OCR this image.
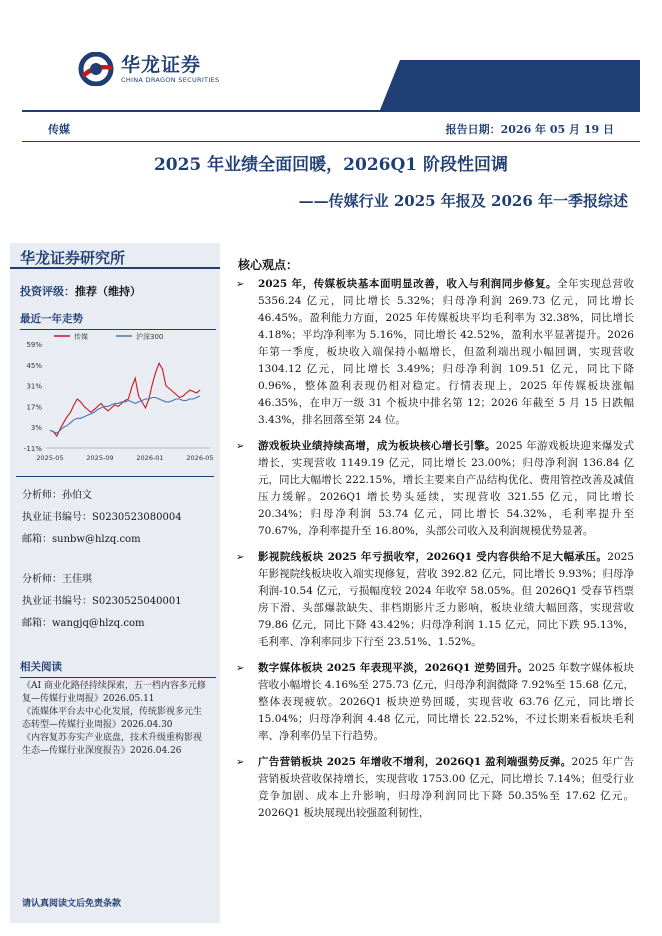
华龙证券
CHINA DRAGON SECURITIES
证券研究报告
传媒	报告日期：2026 年 05 月 19 日
2025 年业绩全面回暖，2026Q1 阶段性回调
——传媒行业 2025 年报及 2026 年一季报综述
华龙证券研究所
投资评级：推荐（维持）
最近一年走势
59%
45%
31%
17%
3%
-11%
2025-05	2025-09	2026-01	2026-05
传媒	沪深300
分析师：孙伯文
执业证书编号：S0230523080004
邮箱：sunbw@hlzq.com
分析师：王佳琪
执业证书编号：S0230525040001
邮箱：wangjq@hlzq.com
相关阅读

《AI 商业化路径持续探索，五一档内容多元修复—传媒行业周报》2026.05.11

《流媒体平台去中心化发展，传统影视多元生态转型—传媒行业周报》2026.04.30

《内容复苏夯实产业底盘，技术升级重构影视生态—传媒行业深度报告》2026.04.26

请认真阅读文后免责条款
核心观点：
➢ 2025 年，传媒板块基本面明显改善，收入与利润同步修复。全年实现总营收 5356.24 亿元，同比增长 5.32%；归母净利润 269.73 亿元，同比增长 46.45%。盈利能力方面，2025 年传媒板块平均毛利率为 32.38%，同比增长 4.18%；平均净利率为 5.16%，同比增长 42.52%，盈利水平显著提升。2026 年第一季度，板块收入端保持小幅增长，但盈利端出现小幅回调，实现营收 1304.12 亿元，同比增长 3.49%；归母净利润 109.51 亿元，同比下降 0.96%，整体盈利表现仍相对稳定。行情表现上，2025 年传媒板块涨幅 46.35%，在申万一级 31 个板块中排名第 12；2026 年截至 5 月 15 日跌幅 3.43%，排名回落至第 24 位。
➢ 游戏板块业绩持续高增，成为板块核心增长引擎。2025 年游戏板块迎来爆发式增长，实现营收 1149.19 亿元，同比增长 23.00%；归母净利润 136.84 亿元，同比大幅增长 222.15%，增长主要来自产品结构优化、费用管控改善及减值压力缓解。2026Q1 增长势头延续，实现营收 321.55 亿元，同比增长 20.34%；归母净利润 53.74 亿元，同比增长 54.32%，毛利率提升至 70.67%，净利率提升至 16.80%，头部公司收入及利润规模优势显著。
➢ 影视院线板块 2025 年亏损收窄，2026Q1 受内容供给不足大幅承压。2025 年影视院线板块收入端实现修复，营收 392.82 亿元，同比增长 9.93%；归母净利润-10.54 亿元，亏损幅度较 2024 年收窄 58.05%。但 2026Q1 受春节档票房下滑、头部爆款缺失、非档期影片乏力影响，板块业绩大幅回落，实现营收 79.86 亿元，同比下降 43.42%；归母净利润 1.15 亿元，同比下跌 95.13%，毛利率、净利率同步下行至 23.51%、1.52%。
➢ 数字媒体板块 2025 年表现平淡，2026Q1 逆势回升。2025 年数字媒体板块营收小幅增长 4.16%至 275.73 亿元，归母净利润微降 7.92%至 15.68 亿元，整体表现疲软。2026Q1 板块逆势回暖，实现营收 63.76 亿元，同比增长 15.04%；归母净利润 4.48 亿元，同比增长 22.52%，不过长期来看板块毛利率、净利率仍呈下行趋势。
➢ 广告营销板块 2025 年增收不增利，2026Q1 盈利端强势反弹。2025 年广告营销板块营收保持增长，实现营收 1753.00 亿元，同比增长 7.14%；但受行业竞争加剧、成本上升影响，归母净利润同比下降 50.35%至 17.62 亿元。2026Q1 板块展现出较强盈利韧性，
